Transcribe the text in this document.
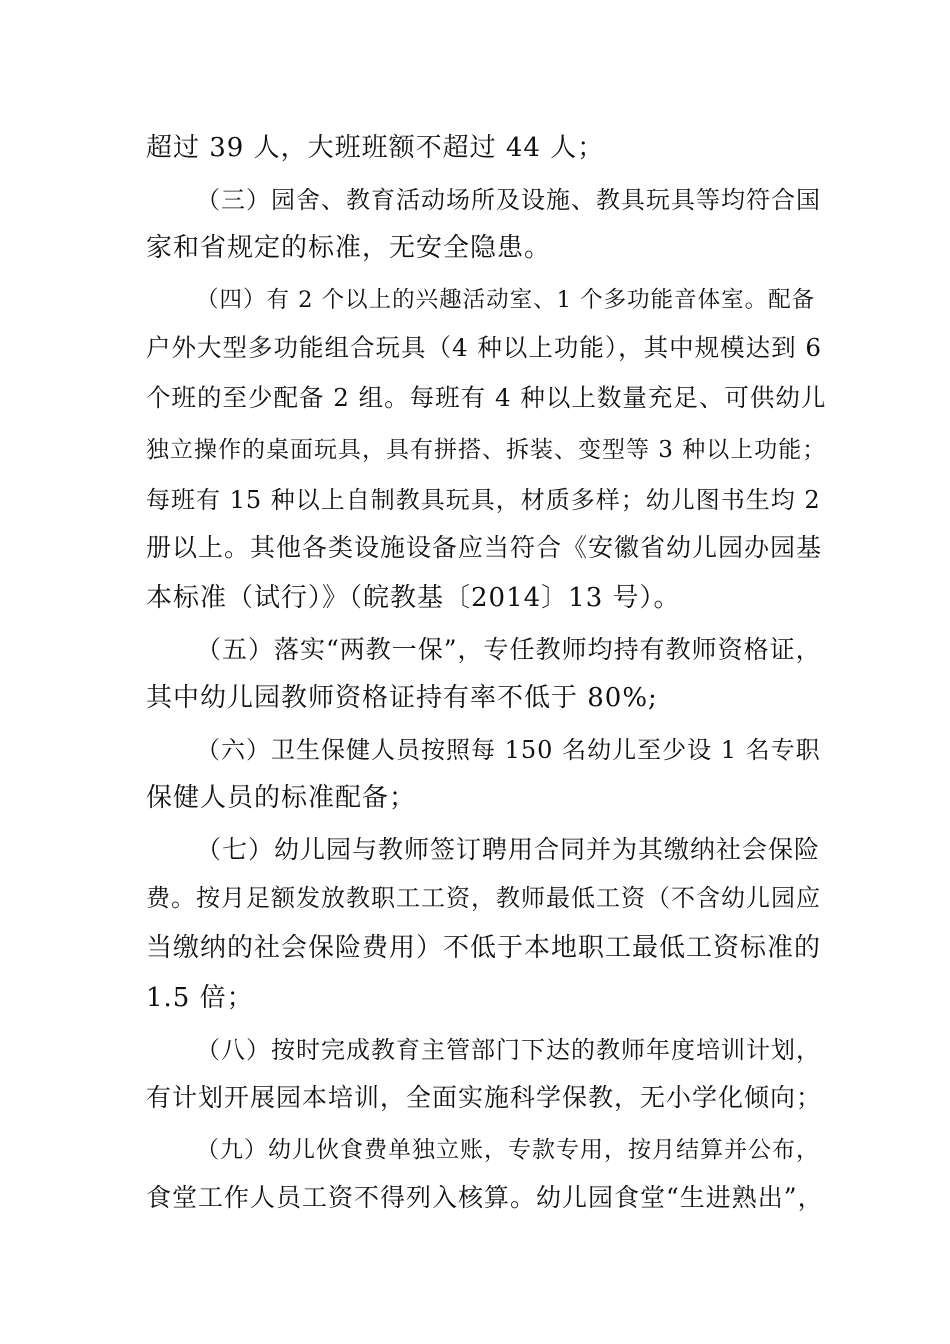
超过 39 人，大班班额不超过 44 人；
（三）园舍、教育活动场所及设施、教具玩具等均符合国
家和省规定的标准，无安全隐患。
（四）有 2 个以上的兴趣活动室、1 个多功能音体室。配备
户外大型多功能组合玩具（4 种以上功能），其中规模达到 6
个班的至少配备 2 组。每班有 4 种以上数量充足、可供幼儿
独立操作的桌面玩具，具有拼搭、拆装、变型等 3 种以上功能；
每班有 15 种以上自制教具玩具，材质多样；幼儿图书生均 2
册以上。其他各类设施设备应当符合《安徽省幼儿园办园基
本标准（试行）》（皖教基〔2014〕13 号）。
（五）落实“两教一保”，专任教师均持有教师资格证，
其中幼儿园教师资格证持有率不低于 80%;
（六）卫生保健人员按照每 150 名幼儿至少设 1 名专职
保健人员的标准配备；
（七）幼儿园与教师签订聘用合同并为其缴纳社会保险
费。按月足额发放教职工工资，教师最低工资（不含幼儿园应
当缴纳的社会保险费用）不低于本地职工最低工资标准的
1.5 倍；
（八）按时完成教育主管部门下达的教师年度培训计划，
有计划开展园本培训，全面实施科学保教，无小学化倾向；
（九）幼儿伙食费单独立账，专款专用，按月结算并公布，
食堂工作人员工资不得列入核算。幼儿园食堂“生进熟出”，
